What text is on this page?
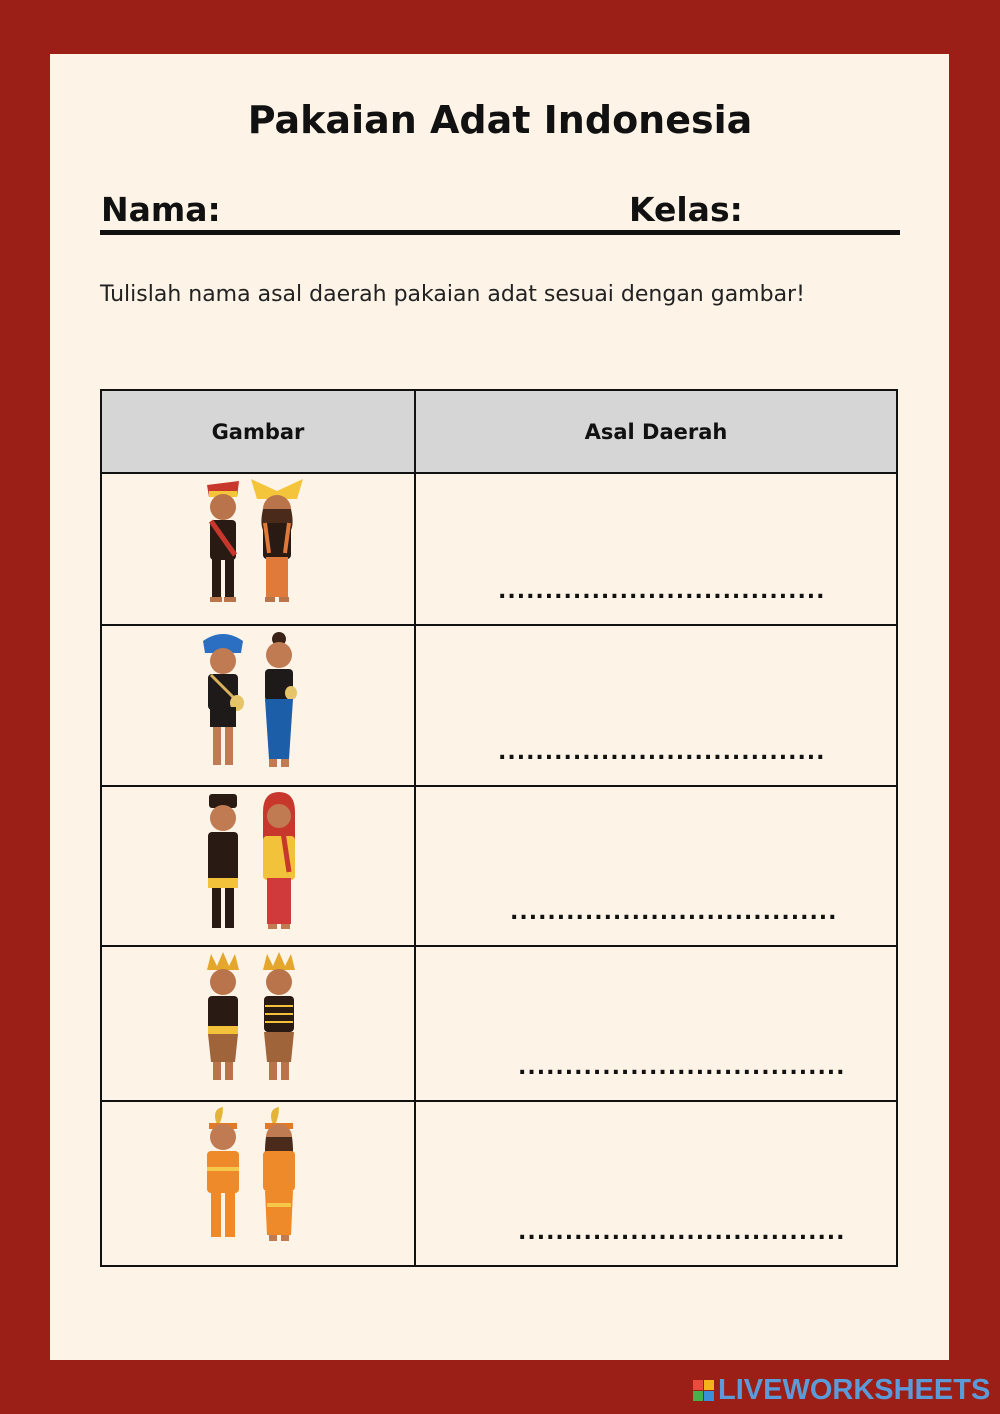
Pakaian Adat Indonesia
Nama:	Kelas:

Tulislah nama asal daerah pakaian adat sesuai dengan gambar!

Gambar	Asal Daerah

...................................

...................................

...................................

...................................

...................................
LIVEWORKSHEETS
